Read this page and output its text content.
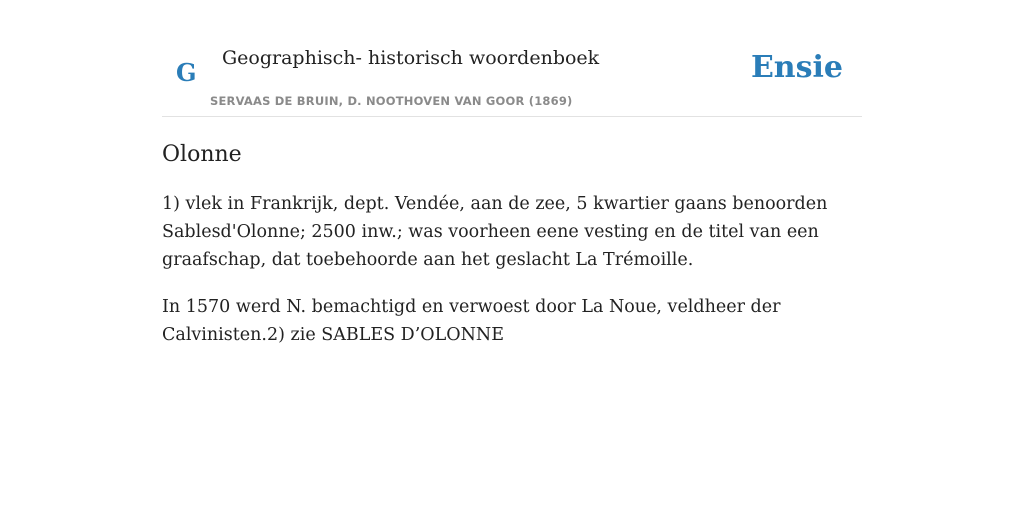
G Geographisch- historisch woordenboek
SERVAAS DE BRUIN, D. NOOTHOVEN VAN GOOR (1869)
Ensie
Olonne

1) vlek in Frankrijk, dept. Vendée, aan de zee, 5 kwartier gaans benoorden Sablesd'Olonne; 2500 inw.; was voorheen eene vesting en de titel van een graafschap, dat toebehoorde aan het geslacht La Trémoille.

In 1570 werd N. bemachtigd en verwoest door La Noue, veldheer der Calvinisten.2) zie SABLES D’OLONNE
